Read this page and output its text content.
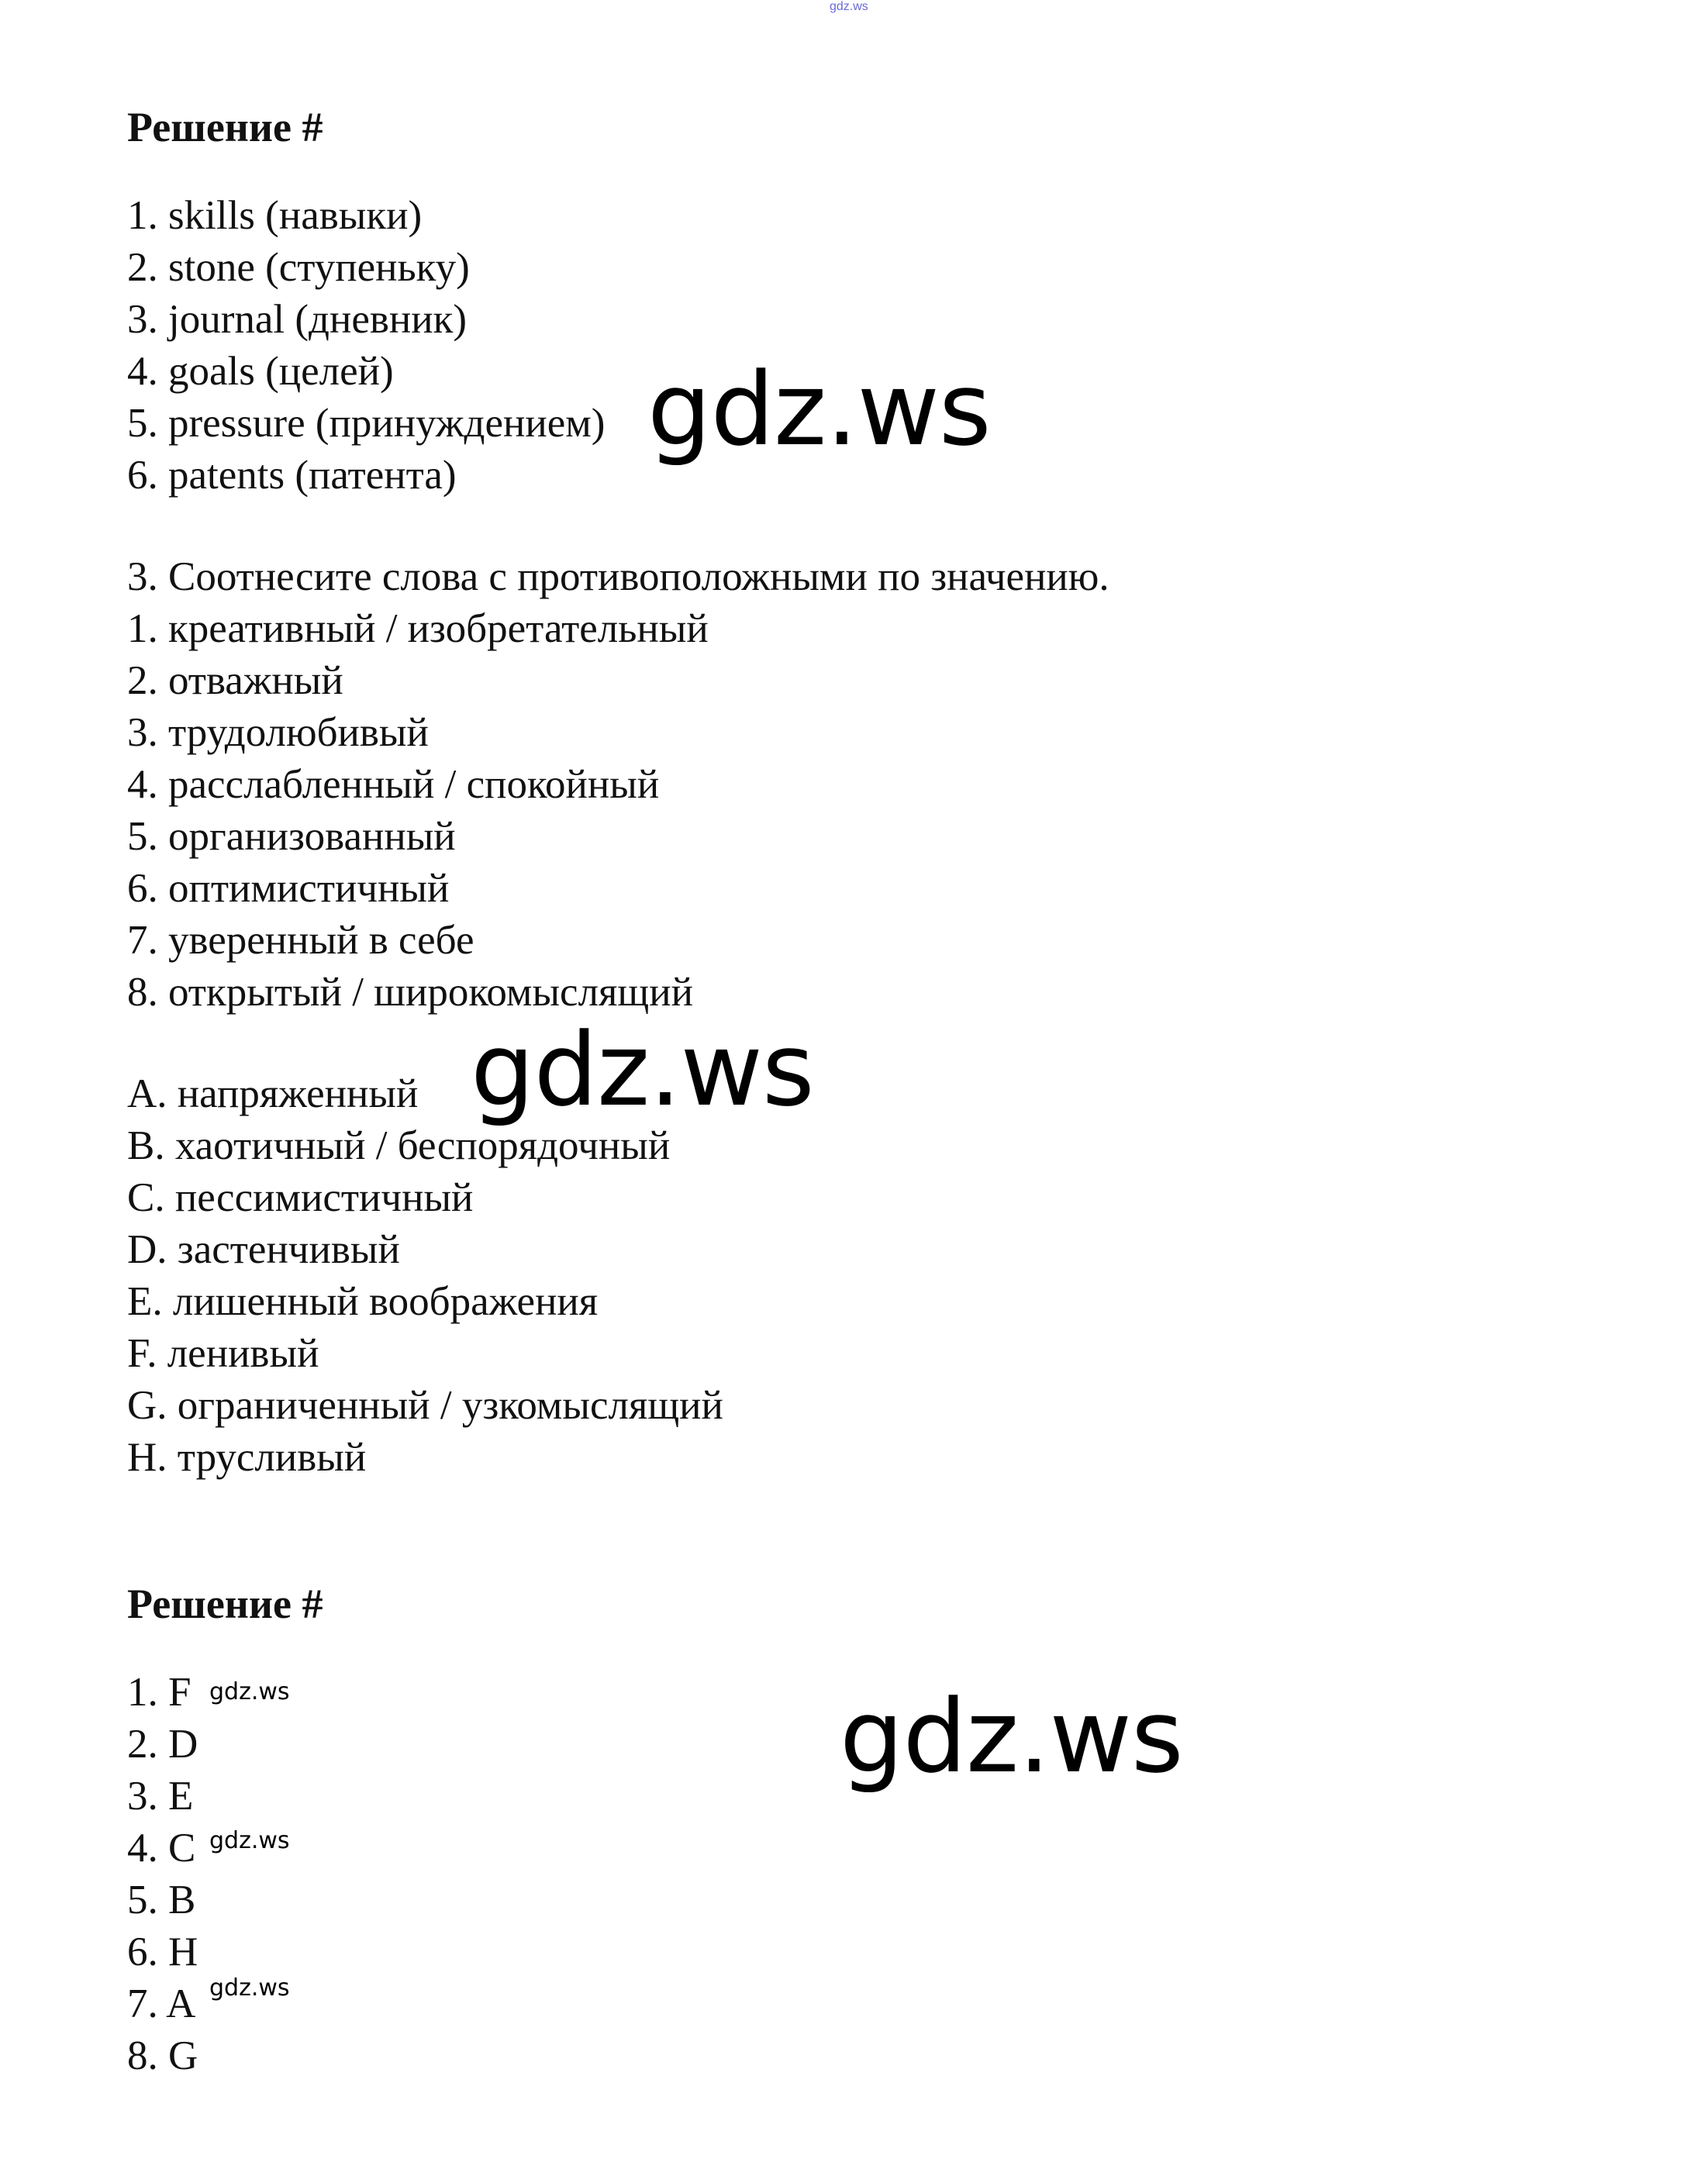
gdz.ws
Решение #
1. skills (навыки)
2. stone (ступеньку)
3. journal (дневник)
4. goals (целей)
5. pressure (принуждением)
6. patents (патента)
3. Соотнесите слова с противоположными по значению.
1. креативный / изобретательный
2. отважный
3. трудолюбивый
4. расслабленный / спокойный
5. организованный
6. оптимистичный
7. уверенный в себе
8. открытый / широкомыслящий
A. напряженный
B. хаотичный / беспорядочный
C. пессимистичный
D. застенчивый
E. лишенный воображения
F. ленивый
G. ограниченный / узкомыслящий
H. трусливый
Решение #
1. F
2. D
3. E
4. C
5. B
6. H
7. A
8. G
gdz.ws
gdz.ws
gdz.ws
gdz.ws
gdz.ws
gdz.ws
